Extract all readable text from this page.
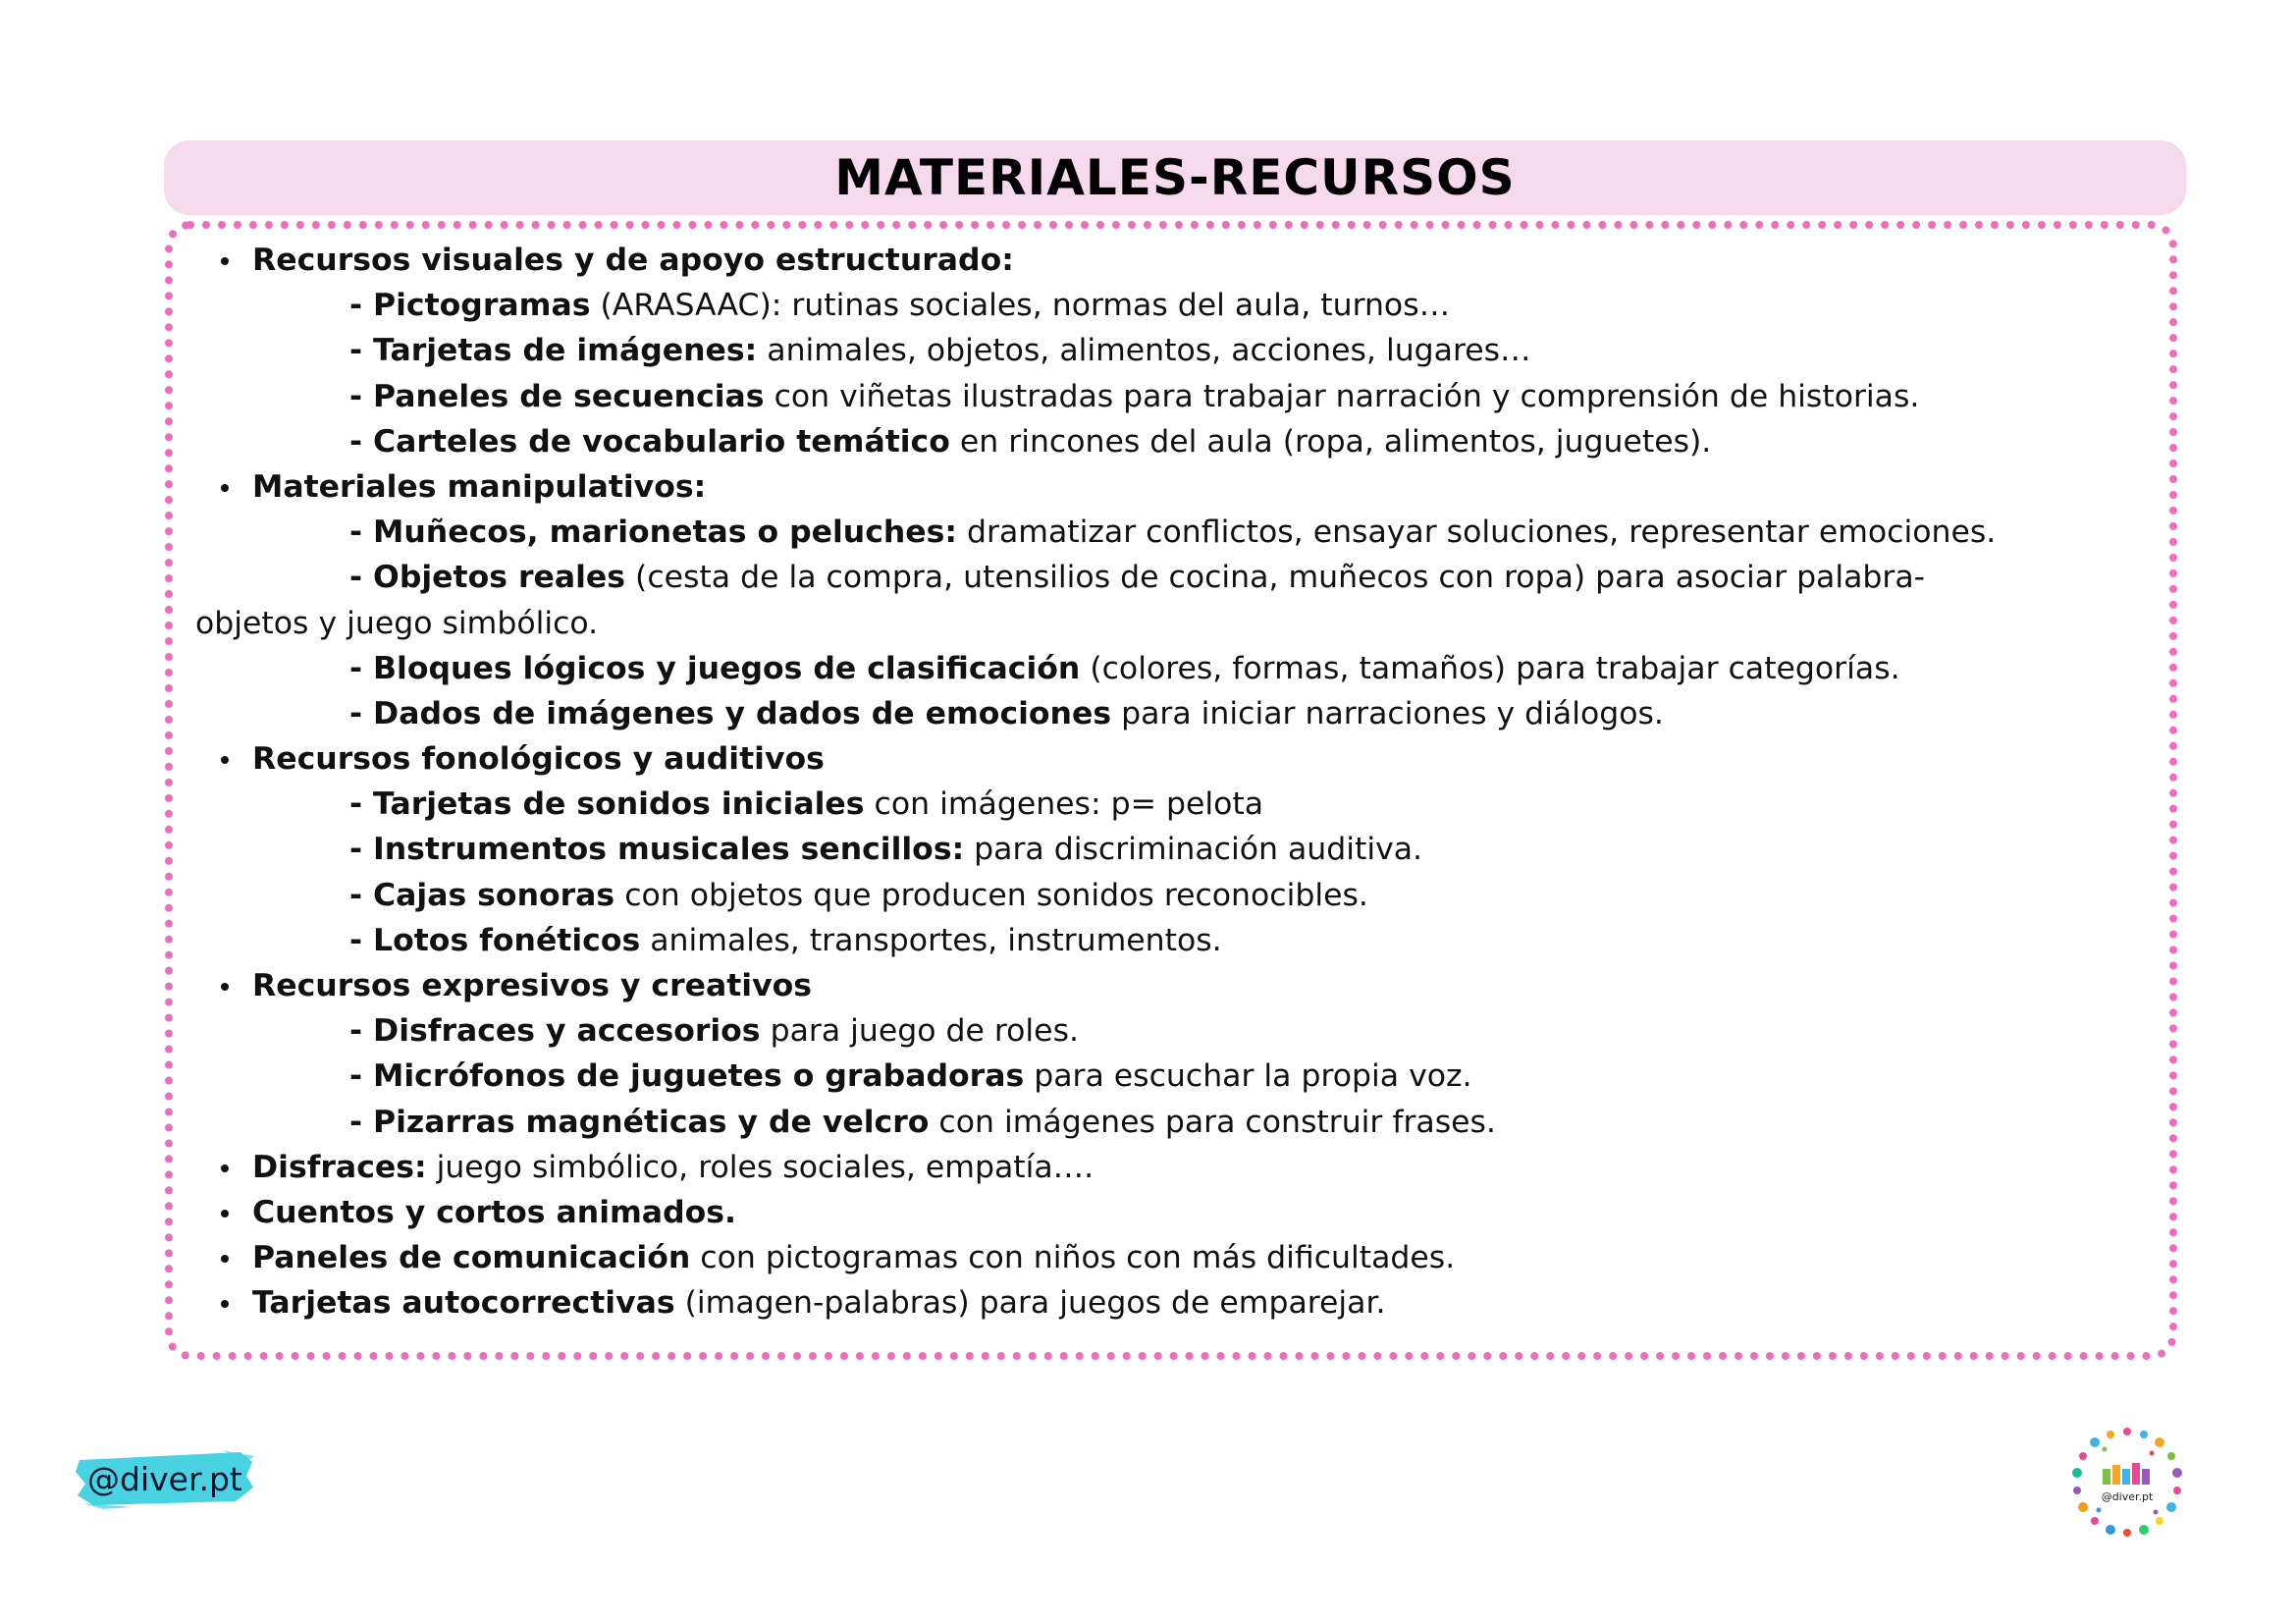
MATERIALES-RECURSOS
Recursos visuales y de apoyo estructurado:
- Pictogramas (ARASAAC): rutinas sociales, normas del aula, turnos…
- Tarjetas de imágenes: animales, objetos, alimentos, acciones, lugares…
- Paneles de secuencias con viñetas ilustradas para trabajar narración y comprensión de historias.
- Carteles de vocabulario temático en rincones del aula (ropa, alimentos, juguetes).
Materiales manipulativos:
- Muñecos, marionetas o peluches: dramatizar conflictos, ensayar soluciones, representar emociones.
- Objetos reales (cesta de la compra, utensilios de cocina, muñecos con ropa) para asociar palabra-
objetos y juego simbólico.
- Bloques lógicos y juegos de clasificación (colores, formas, tamaños) para trabajar categorías.
- Dados de imágenes y dados de emociones para iniciar narraciones y diálogos.
Recursos fonológicos y auditivos
- Tarjetas de sonidos iniciales con imágenes: p= pelota
- Instrumentos musicales sencillos: para discriminación auditiva.
- Cajas sonoras con objetos que producen sonidos reconocibles.
- Lotos fonéticos animales, transportes, instrumentos.
Recursos expresivos y creativos
- Disfraces y accesorios para juego de roles.
- Micrófonos de juguetes o grabadoras para escuchar la propia voz.
- Pizarras magnéticas y de velcro con imágenes para construir frases.
Disfraces: juego simbólico, roles sociales, empatía….
Cuentos y cortos animados.
Paneles de comunicación con pictogramas con niños con más dificultades.
Tarjetas autocorrectivas (imagen-palabras) para juegos de emparejar.
@diver.pt	@diver.pt
